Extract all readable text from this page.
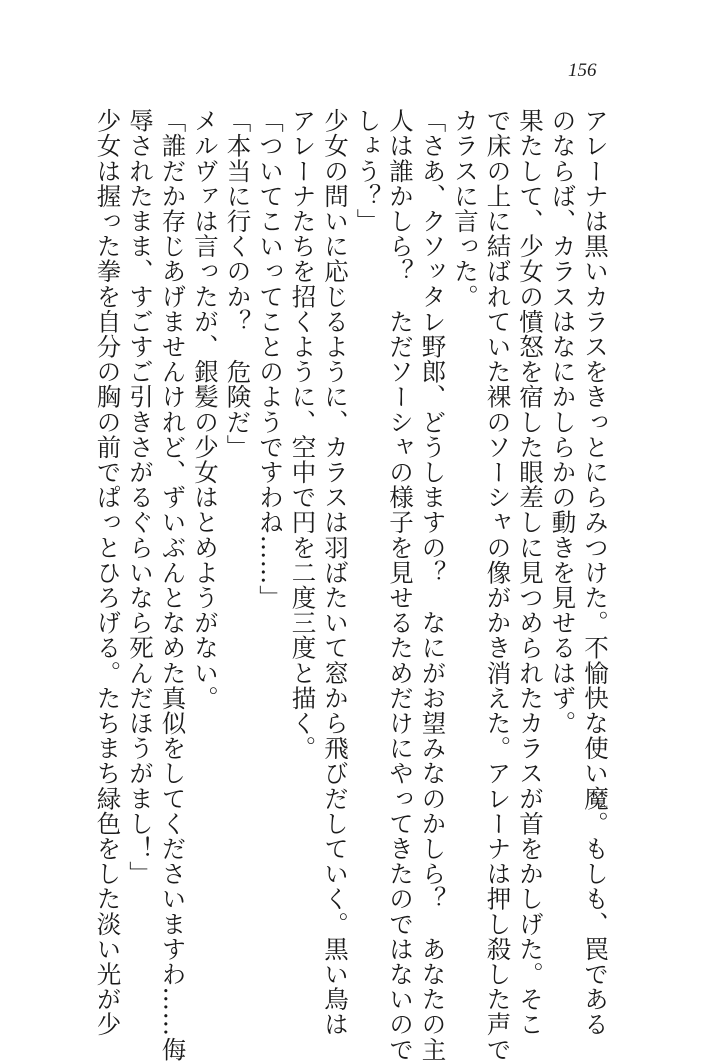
156
アレーナは黒いカラスをきっとにらみつけた。不愉快な使い魔。もしも、罠である
のならば、カラスはなにかしらかの動きを見せるはず。
果たして、少女の憤怒を宿した眼差しに見つめられたカラスが首をかしげた。そこ
で床の上に結ばれていた裸のソーシャの像がかき消えた。アレーナは押し殺した声で
カラスに言った。
「さあ、クソッタレ野郎、どうしますの？　なにがお望みなのかしら？　あなたの主
人は誰かしら？　ただソーシャの様子を見せるためだけにやってきたのではないので
しょう？」
少女の問いに応じるように、カラスは羽ばたいて窓から飛びだしていく。黒い鳥は
アレーナたちを招くように、空中で円を二度三度と描く。
「ついてこいってことのようですわね……」
「本当に行くのか？　危険だ」
メルヴァは言ったが、銀髪の少女はとめようがない。
「誰だか存じあげませんけれど、ずいぶんとなめた真似をしてくださいますわ……侮
辱されたまま、すごすご引きさがるぐらいなら死んだほうがまし！」
少女は握った拳を自分の胸の前でぱっとひろげる。たちまち緑色をした淡い光が少
